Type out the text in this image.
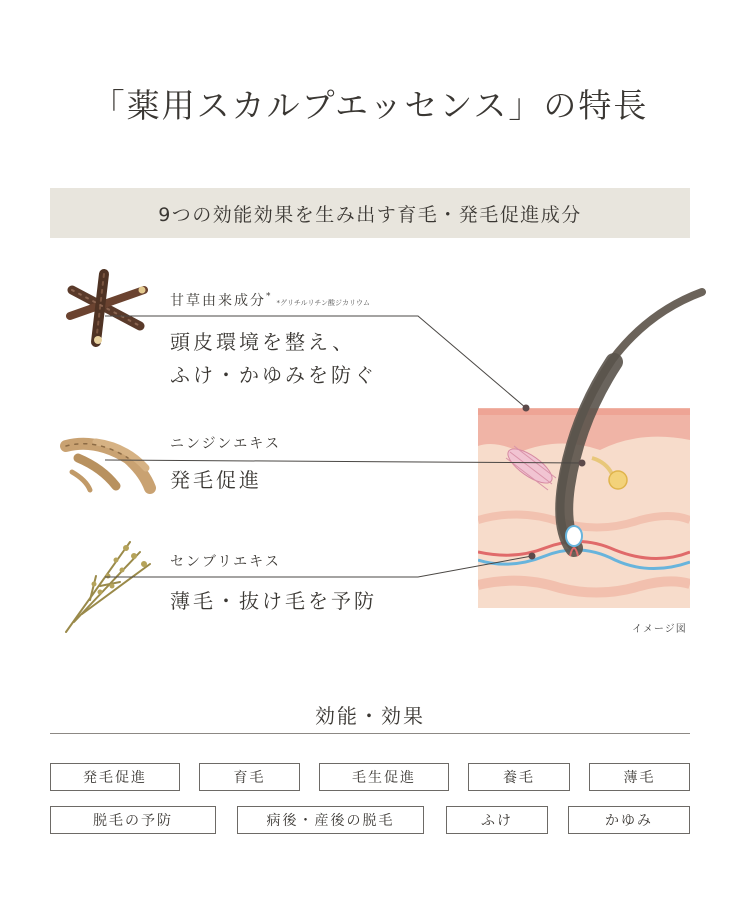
「薬用スカルプエッセンス」の特長
9つの効能効果を生み出す育毛・発毛促進成分
甘草由来成分**グリチルリチン酸ジカリウム
頭皮環境を整え、
ふけ・かゆみを防ぐ
ニンジンエキス
発毛促進
センブリエキス
薄毛・抜け毛を予防
イメージ図
効能・効果
発毛促進	育毛	毛生促進	養毛	薄毛
脱毛の予防	病後・産後の脱毛	ふけ	かゆみ
